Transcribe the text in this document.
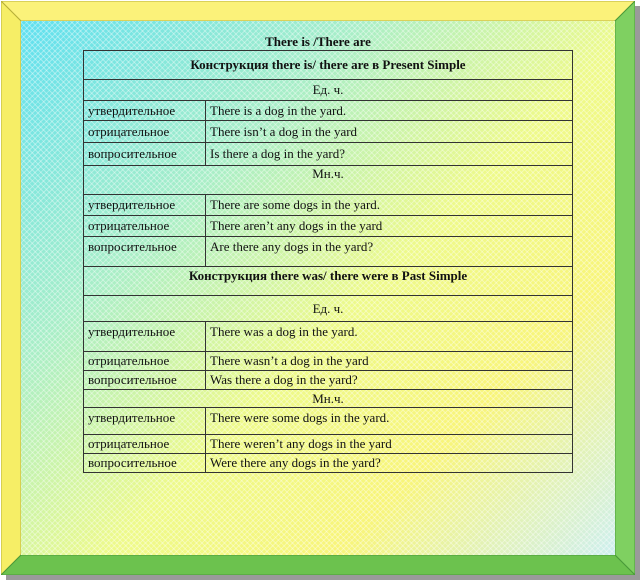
There is /There are
Конструкция there is/ there are в Present Simple	
Ед. ч.	
утвердительное	There is a dog in the yard.
отрицательное	There isn’t a dog in the yard
вопросительное	Is there a dog in the yard?
Мн.ч.	
утвердительное	There are some dogs in the yard.
отрицательное	There aren’t any dogs in the yard
вопросительное	Are there any dogs in the yard?
Конструкция there was/ there were в Past Simple	
Ед. ч.	
утвердительное	There was a dog in the yard.
отрицательное	There wasn’t a dog in the yard
вопросительное	Was there a dog in the yard?
Мн.ч.	
утвердительное	There were some dogs in the yard.
отрицательное	There weren’t any dogs in the yard
вопросительное	Were there any dogs in the yard?
